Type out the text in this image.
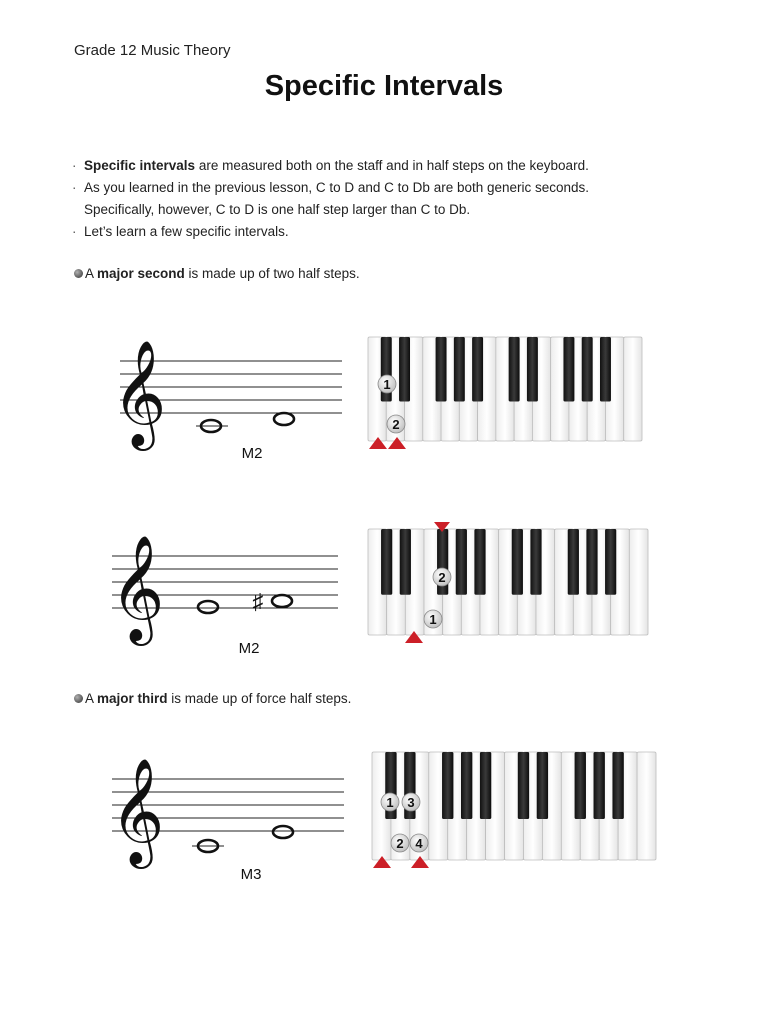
Grade 12 Music Theory
Specific Intervals
· Specific intervals are measured both on the staff and in half steps on the keyboard.
· As you learned in the previous lesson, C to D and C to Db are both generic seconds.
Specifically, however, C to D is one half step larger than C to Db.
· Let’s learn a few specific intervals.
A major second is made up of two half steps.
A major third is made up of force half steps.
𝄞
M2
1
2
𝄞	♯
M2
1
2
𝄞
M3
1
2
3
4
